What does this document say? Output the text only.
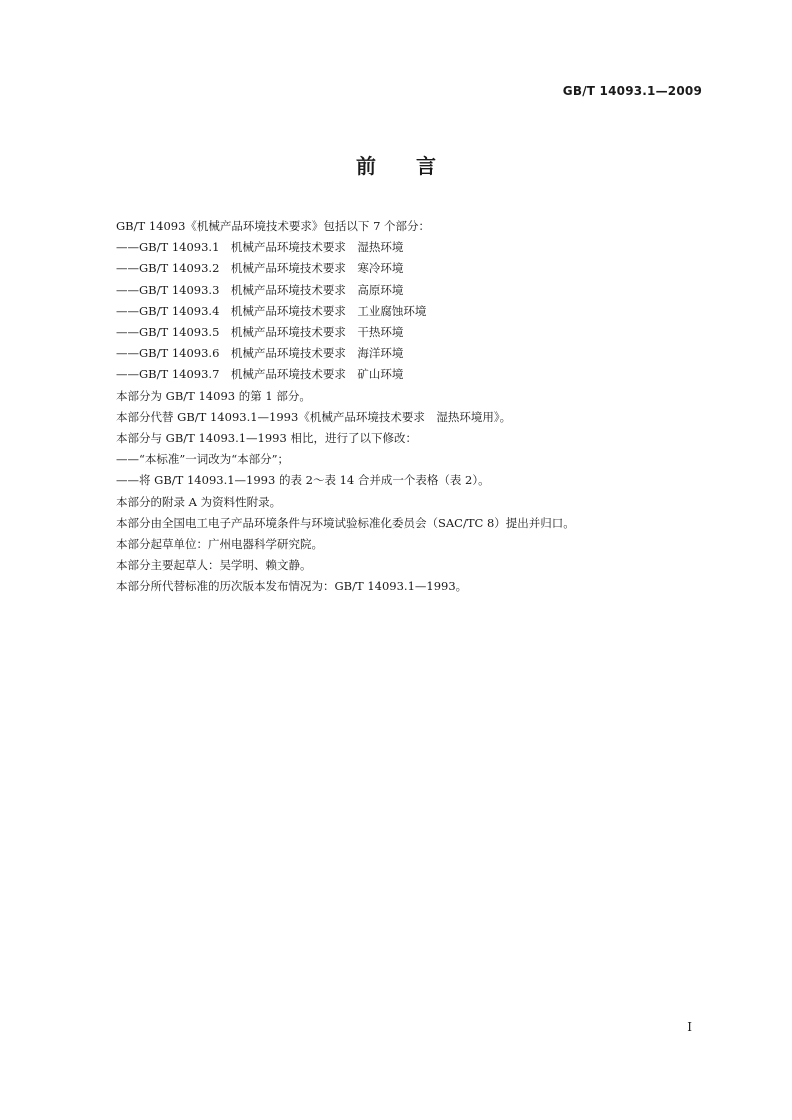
GB/T 14093.1—2009
前言
GB/T 14093《机械产品环境技术要求》包括以下 7 个部分：
——GB/T 14093.1　机械产品环境技术要求　湿热环境
——GB/T 14093.2　机械产品环境技术要求　寒冷环境
——GB/T 14093.3　机械产品环境技术要求　高原环境
——GB/T 14093.4　机械产品环境技术要求　工业腐蚀环境
——GB/T 14093.5　机械产品环境技术要求　干热环境
——GB/T 14093.6　机械产品环境技术要求　海洋环境
——GB/T 14093.7　机械产品环境技术要求　矿山环境
本部分为 GB/T 14093 的第 1 部分。
本部分代替 GB/T 14093.1—1993《机械产品环境技术要求　湿热环境用》。
本部分与 GB/T 14093.1—1993 相比，进行了以下修改：
——“本标准”一词改为“本部分”；
——将 GB/T 14093.1—1993 的表 2～表 14 合并成一个表格（表 2）。
本部分的附录 A 为资料性附录。
本部分由全国电工电子产品环境条件与环境试验标准化委员会（SAC/TC 8）提出并归口。
本部分起草单位：广州电器科学研究院。
本部分主要起草人：吴学明、赖文静。
本部分所代替标准的历次版本发布情况为：GB/T 14093.1—1993。
I
